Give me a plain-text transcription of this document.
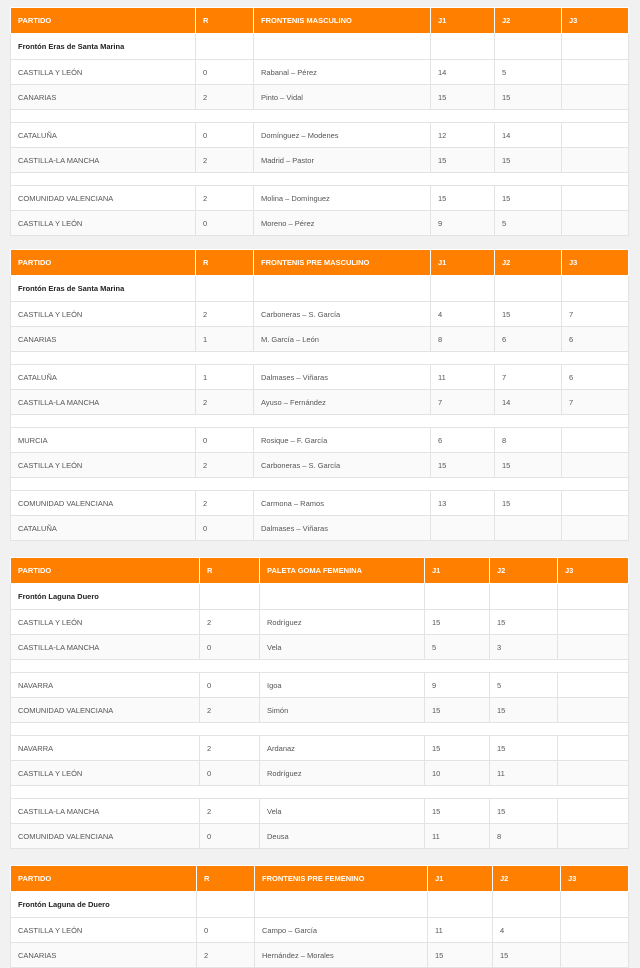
PARTIDO	R	FRONTENIS MASCULINO	J1	J2	J3
Frontón Eras de Santa Marina					
CASTILLA Y LEÓN	0	Rabanal – Pérez	14	5	
CANARIAS	2	Pinto – Vidal	15	15	

CATALUÑA	0	Domínguez – Modenes	12	14	
CASTILLA-LA MANCHA	2	Madrid – Pastor	15	15	

COMUNIDAD VALENCIANA	2	Molina – Domínguez	15	15	
CASTILLA Y LEÓN	0	Moreno – Pérez	9	5	
PARTIDO	R	FRONTENIS PRE MASCULINO	J1	J2	J3
Frontón Eras de Santa Marina					
CASTILLA Y LEÓN	2	Carboneras – S. García	4	15	7
CANARIAS	1	M. García – León	8	6	6

CATALUÑA	1	Dalmases – Viñaras	11	7	6
CASTILLA-LA MANCHA	2	Ayuso – Fernández	7	14	7

MURCIA	0	Rosique – F. García	6	8	
CASTILLA Y LEÓN	2	Carboneras – S. García	15	15	

COMUNIDAD VALENCIANA	2	Carmona – Ramos	13	15	
CATALUÑA	0	Dalmases – Viñaras			
PARTIDO	R	PALETA GOMA FEMENINA	J1	J2	J3
Frontón Laguna Duero					
CASTILLA Y LEÓN	2	Rodríguez	15	15	
CASTILLA-LA MANCHA	0	Vela	5	3	

NAVARRA	0	Igoa	9	5	
COMUNIDAD VALENCIANA	2	Simón	15	15	

NAVARRA	2	Ardanaz	15	15	
CASTILLA Y LEÓN	0	Rodríguez	10	11	

CASTILLA-LA MANCHA	2	Vela	15	15	
COMUNIDAD VALENCIANA	0	Deusa	11	8	
PARTIDO	R	FRONTENIS PRE FEMENINO	J1	J2	J3
Frontón Laguna de Duero					
CASTILLA Y LEÓN	0	Campo – García	11	4	
CANARIAS	2	Hernández – Morales	15	15	
